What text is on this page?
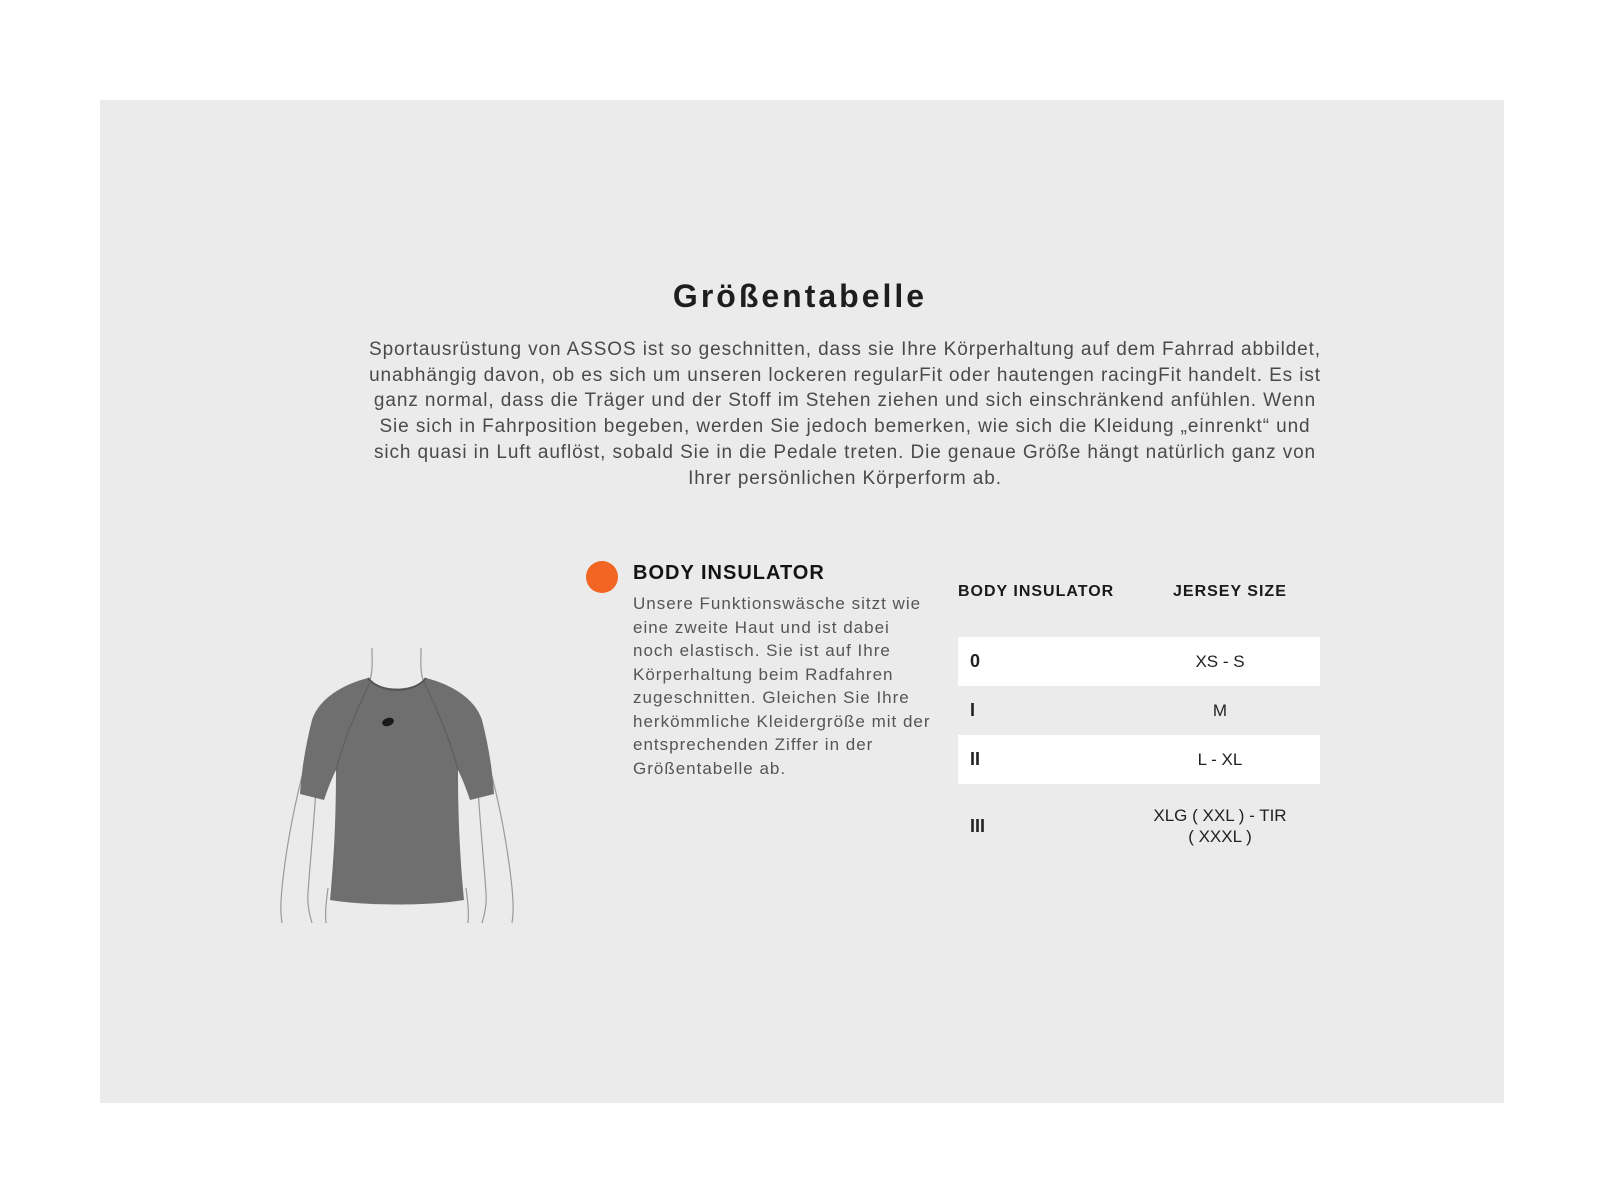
Größentabelle

Sportausrüstung von ASSOS ist so geschnitten, dass sie Ihre Körperhaltung auf dem Fahrrad abbildet, unabhängig davon, ob es sich um unseren lockeren regularFit oder hautengen racingFit handelt. Es ist ganz normal, dass die Träger und der Stoff im Stehen ziehen und sich einschränkend anfühlen. Wenn Sie sich in Fahrposition begeben, werden Sie jedoch bemerken, wie sich die Kleidung „einrenkt“ und sich quasi in Luft auflöst, sobald Sie in die Pedale treten. Die genaue Größe hängt natürlich ganz von Ihrer persönlichen Körperform ab.

BODY INSULATOR

Unsere Funktionswäsche sitzt wie eine zweite Haut und ist dabei noch elastisch. Sie ist auf Ihre Körperhaltung beim Radfahren zugeschnitten. Gleichen Sie Ihre herkömmliche Kleidergröße mit der entsprechenden Ziffer in der Größentabelle ab.

BODY INSULATOR	JERSEY SIZE
0	XS - S
I	M
II	L - XL
III	XLG ( XXL ) - TIR ( XXXL )
